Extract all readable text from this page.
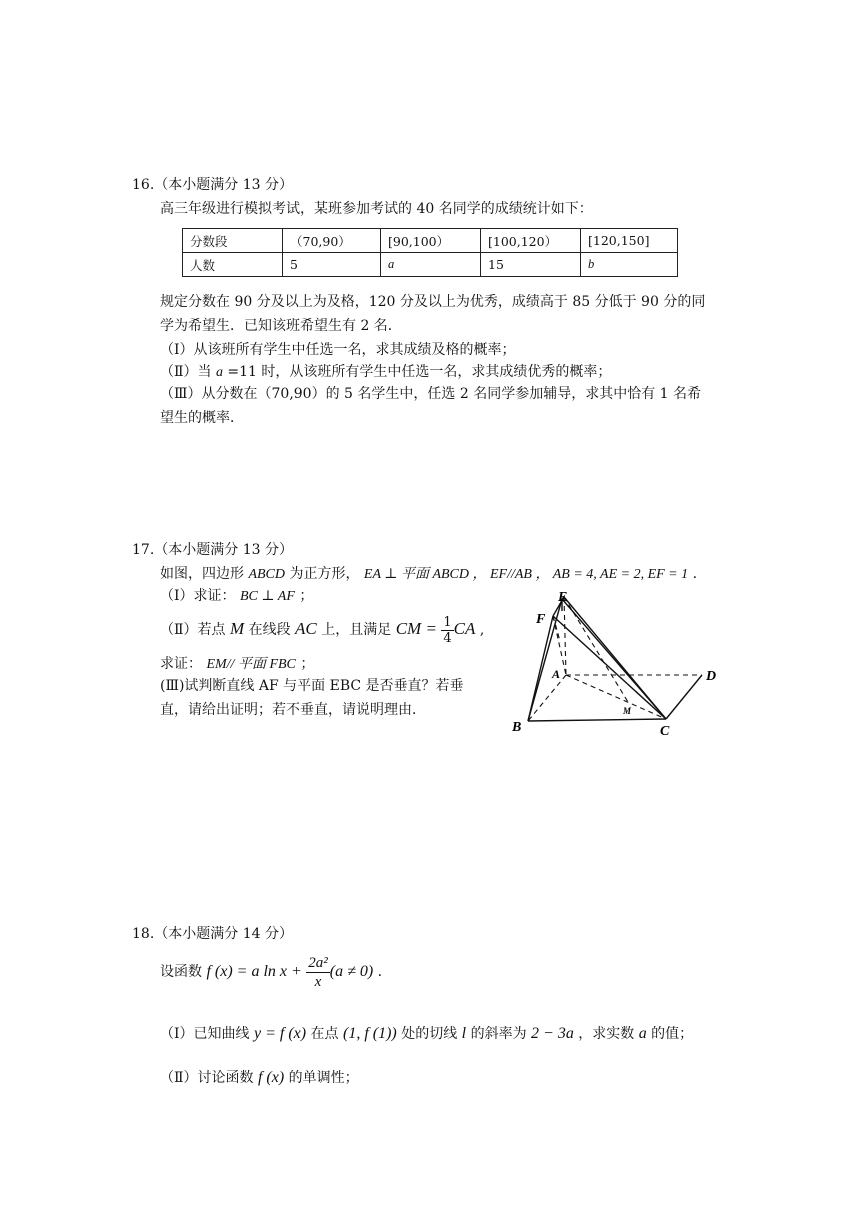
16.（本小题满分 13 分）
高三年级进行模拟考试，某班参加考试的 40 名同学的成绩统计如下：
分数段	（70,90）	[90,100）	[100,120）	[120,150]
人数	5	a	15	b
规定分数在 90 分及以上为及格，120 分及以上为优秀，成绩高于 85 分低于 90 分的同
学为希望生．已知该班希望生有 2 名．
（Ⅰ）从该班所有学生中任选一名，求其成绩及格的概率；
（Ⅱ）当 a =11 时，从该班所有学生中任选一名，求其成绩优秀的概率；
（Ⅲ）从分数在（70,90）的 5 名学生中，任选 2 名同学参加辅导，求其中恰有 1 名希
望生的概率．
17.（本小题满分 13 分）
如图，四边形 ABCD 为正方形， EA ⊥ 平面 ABCD ， EF//AB ， AB = 4, AE = 2, EF = 1 .
（Ⅰ）求证： BC ⊥ AF ；
（Ⅱ）若点 M 在线段 AC 上，且满足 CM = $\frac{1}{4}$ CA ,
求证： EM// 平面 FBC ；
(Ⅲ)试判断直线 AF 与平面 EBC 是否垂直？若垂
直，请给出证明；若不垂直，请说明理由．
E
F
A	D
M
B	C
18.（本小题满分 14 分）
设函数 f (x) = a $\ln x + \frac{\text{2a²}}{x} (a \ne 0)$ .
（Ⅰ）已知曲线 y = f (x) 在点 (1, f (1)) 处的切线 l 的斜率为 2 − 3a ，求实数 a 的值；
（Ⅱ）讨论函数 f (x) 的单调性；
